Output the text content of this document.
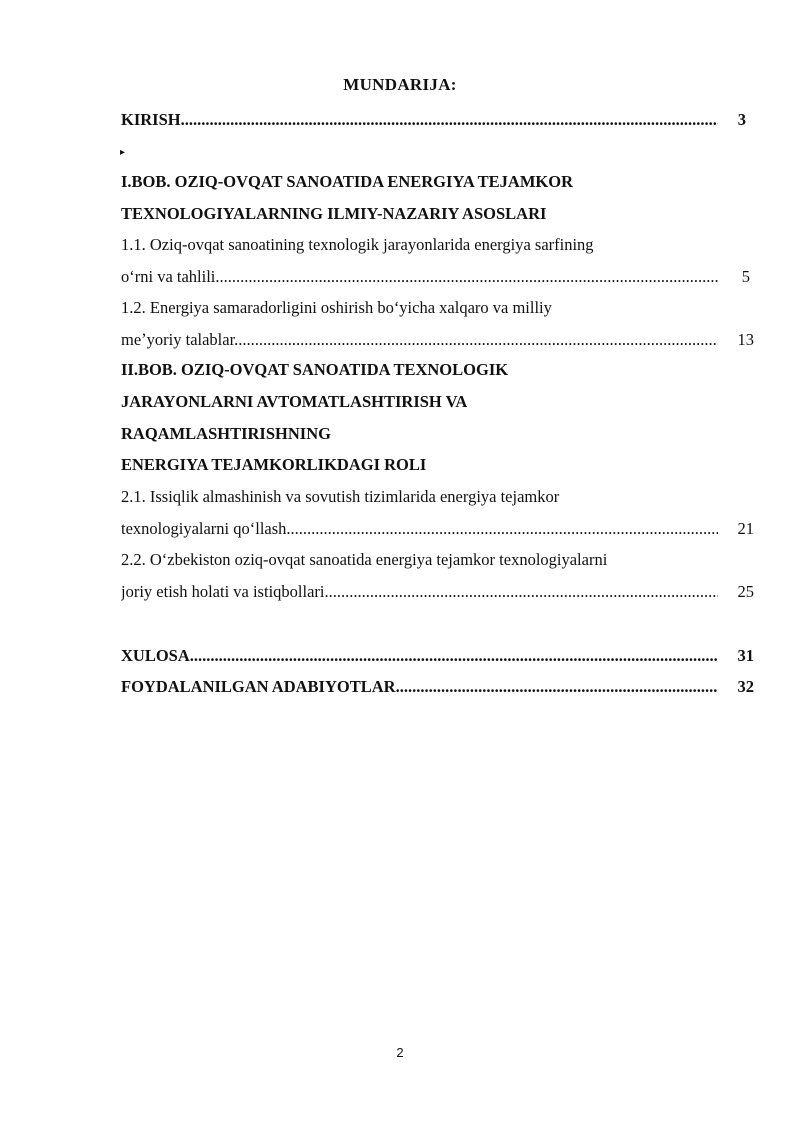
MUNDARIJA:
KIRISH .....	3
▸
I.BOB. OZIQ-OVQAT SANOATIDA ENERGIYA TEJAMKOR
TEXNOLOGIYALARNING ILMIY-NAZARIY ASOSLARI
1.1. Oziq-ovqat sanoatining texnologik jarayonlarida energiya sarfining
oʻrni va tahlili .....	5
1.2. Energiya samaradorligini oshirish boʻyicha xalqaro va milliy
meʼyoriy talablar .....	13
II.BOB. OZIQ-OVQAT SANOATIDA TEXNOLOGIK
JARAYONLARNI AVTOMATLASHTIRISH VA
RAQAMLASHTIRISHNING
ENERGIYA TEJAMKORLIKDAGI ROLI
2.1. Issiqlik almashinish va sovutish tizimlarida energiya tejamkor
texnologiyalarni qoʻllash .....	21
2.2. Oʻzbekiston oziq-ovqat sanoatida energiya tejamkor texnologiyalarni
joriy etish holati va istiqbollari .....	25
XULOSA .....	31
FOYDALANILGAN ADABIYOTLAR .....	32
2
